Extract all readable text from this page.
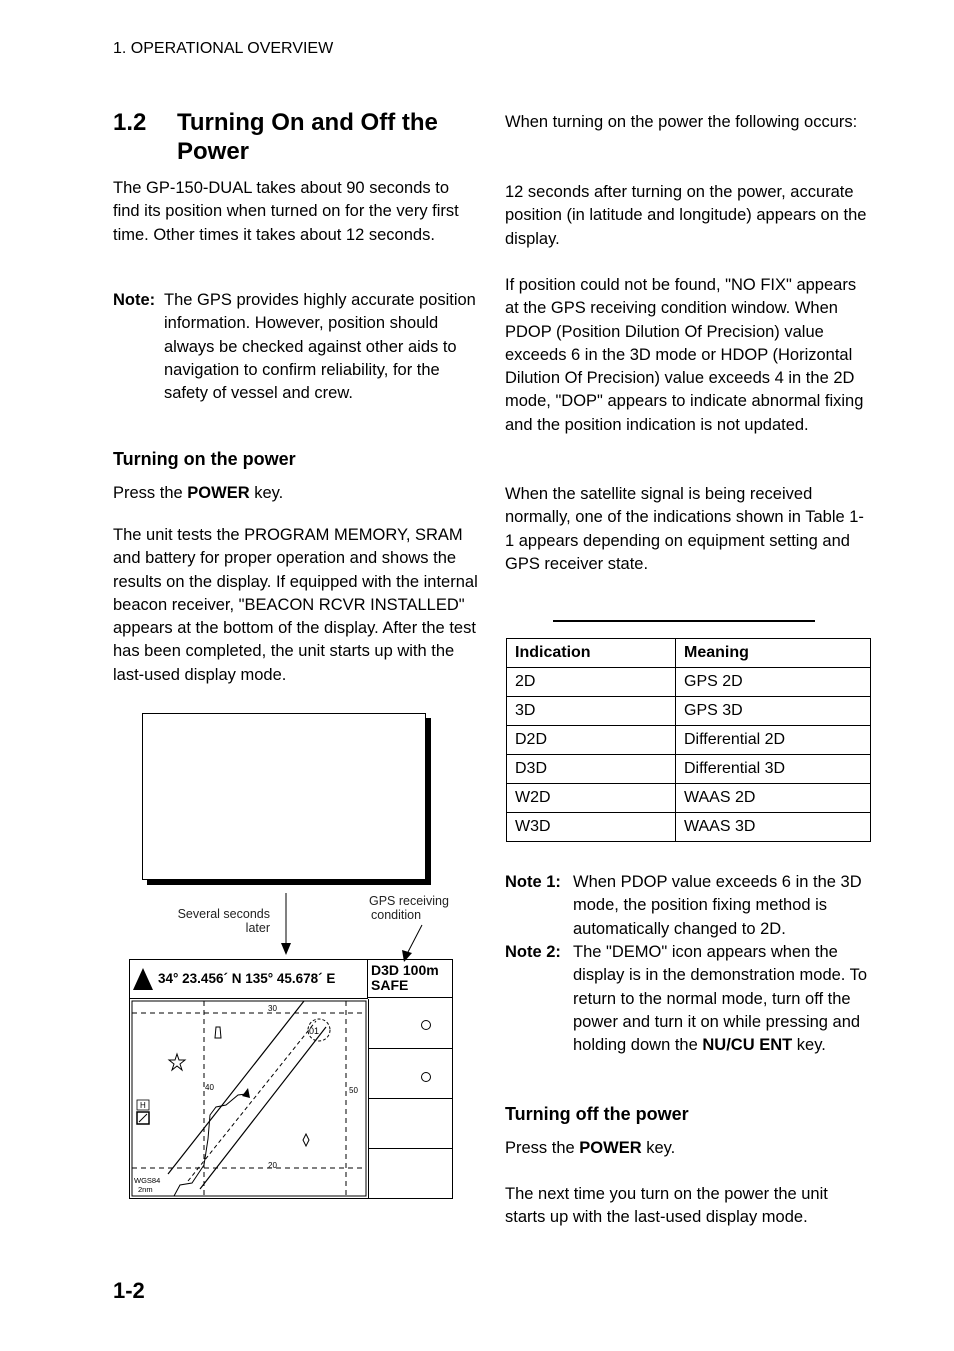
1. OPERATIONAL OVERVIEW
1.2 Turning On and Off the Power
The GP-150-DUAL takes about 90 seconds to find its position when turned on for the very first time. Other times it takes about 12 seconds.
Note: The GPS provides highly accurate position information. However, position should always be checked against other aids to navigation to confirm reliability, for the safety of vessel and crew.
Turning on the power
Press the POWER key.
The unit tests the PROGRAM MEMORY, SRAM and battery for proper operation and shows the results on the display. If equipped with the internal beacon receiver, "BEACON RCVR INSTALLED" appears at the bottom of the display. After the test has been completed, the unit starts up with the last-used display mode.
Several seconds
later
GPS receiving
condition
34° 23.456´ N 135° 45.678´ E
D3D 100m
SAFE
30
40	50
20
01
H
WGS84
2nm
When turning on the power the following occurs:
12 seconds after turning on the power, accurate position (in latitude and longitude) appears on the display.
If position could not be found, "NO FIX" appears at the GPS receiving condition window. When PDOP (Position Dilution Of Precision) value exceeds 6 in the 3D mode or HDOP (Horizontal Dilution Of Precision) value exceeds 4 in the 2D mode, "DOP" appears to indicate abnormal fixing and the position indication is not updated.
When the satellite signal is being received normally, one of the indications shown in Table 1-1 appears depending on equipment setting and GPS receiver state.
Indication	Meaning
2D	GPS 2D
3D	GPS 3D
D2D	Differential 2D
D3D	Differential 3D
W2D	WAAS 2D
W3D	WAAS 3D
Note 1: When PDOP value exceeds 6 in the 3D mode, the position fixing method is automatically changed to 2D.
Note 2: The "DEMO" icon appears when the display is in the demonstration mode. To return to the normal mode, turn off the power and turn it on while pressing and holding down the NU/CU ENT key.
Turning off the power
Press the POWER key.
The next time you turn on the power the unit starts up with the last-used display mode.
1-2
